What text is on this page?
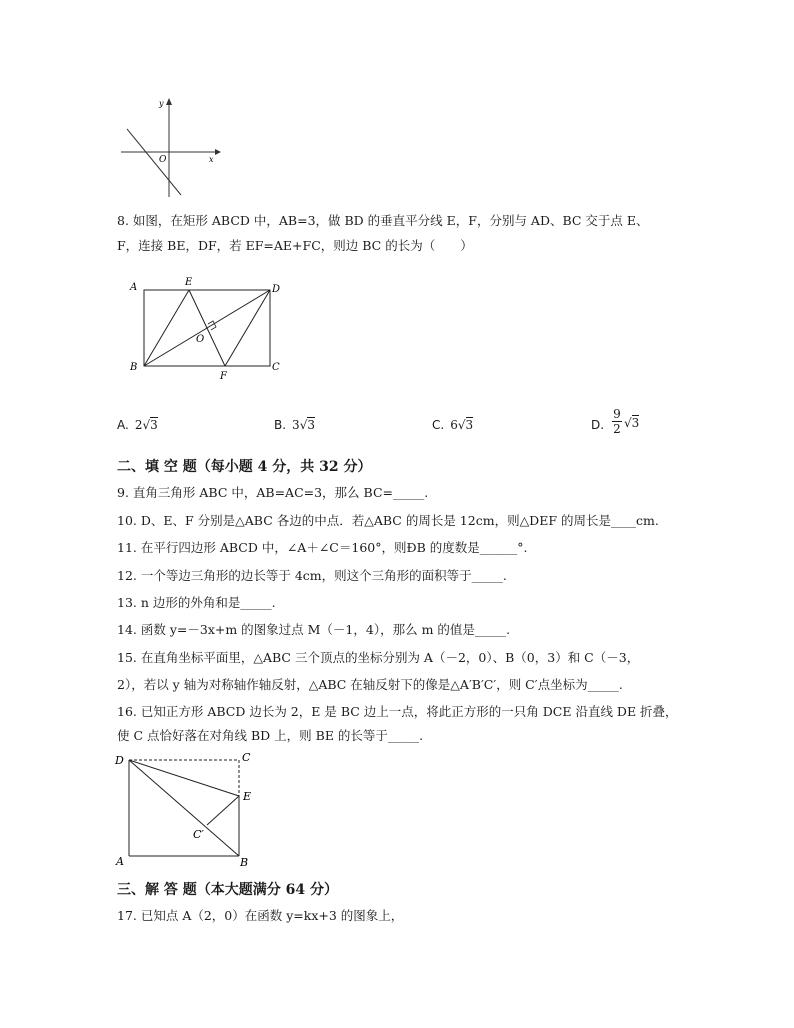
y
x
O
8. 如图，在矩形 ABCD 中，AB=3，做 BD 的垂直平分线 E，F，分别与 AD、BC 交于点 E、
F，连接 BE，DF，若 EF=AE+FC，则边 BC 的长为（　　）
A	E
D
O
B
F
C
A. 2√3	B. 3√3	C. 6√3	D. $\frac{9}{2} √3$
二、填 空 题（每小题 4 分，共 32 分）
9. 直角三角形 ABC 中，AB=AC=3，那么 BC=_____.
10. D、E、F 分别是△ABC 各边的中点．若△ABC 的周长是 12cm，则△DEF 的周长是____cm.
11. 在平行四边形 ABCD 中，∠A＋∠C＝160°，则ÐB 的度数是______°.
12. 一个等边三角形的边长等于 4cm，则这个三角形的面积等于_____.
13. n 边形的外角和是_____.
14. 函数 y=－3x+m 的图象过点 M（－1，4），那么 m 的值是_____.
15. 在直角坐标平面里，△ABC 三个顶点的坐标分别为 A（－2，0）、B（0，3）和 C（－3，
2），若以 y 轴为对称轴作轴反射，△ABC 在轴反射下的像是△A′B′C′，则 C′点坐标为_____.
16. 已知正方形 ABCD 边长为 2，E 是 BC 边上一点，将此正方形的一只角 DCE 沿直线 DE 折叠，
使 C 点恰好落在对角线 BD 上，则 BE 的长等于_____.
D	C
E
C′
A	B
三、解 答 题（本大题满分 64 分）
17. 已知点 A（2，0）在函数 y=kx+3 的图象上，
